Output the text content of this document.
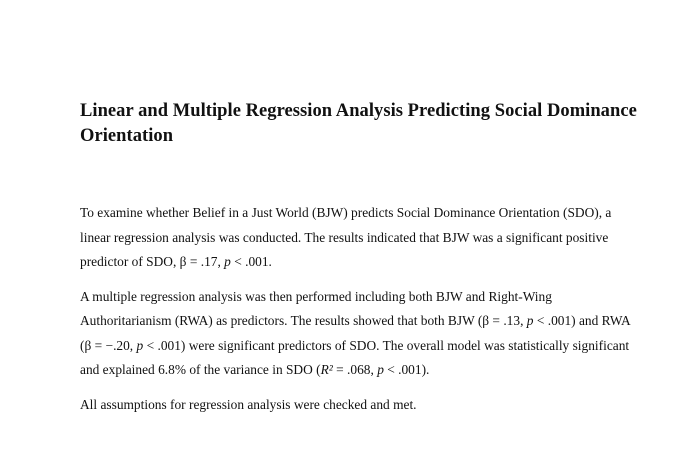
Linear and Multiple Regression Analysis Predicting Social Dominance Orientation

To examine whether Belief in a Just World (BJW) predicts Social Dominance Orientation (SDO), a linear regression analysis was conducted. The results indicated that BJW was a significant positive predictor of SDO, β = .17, p < .001.

A multiple regression analysis was then performed including both BJW and Right-Wing Authoritarianism (RWA) as predictors. The results showed that both BJW (β = .13, p < .001) and RWA (β = −.20, p < .001) were significant predictors of SDO. The overall model was statistically significant and explained 6.8% of the variance in SDO (R² = .068, p < .001).

All assumptions for regression analysis were checked and met.
